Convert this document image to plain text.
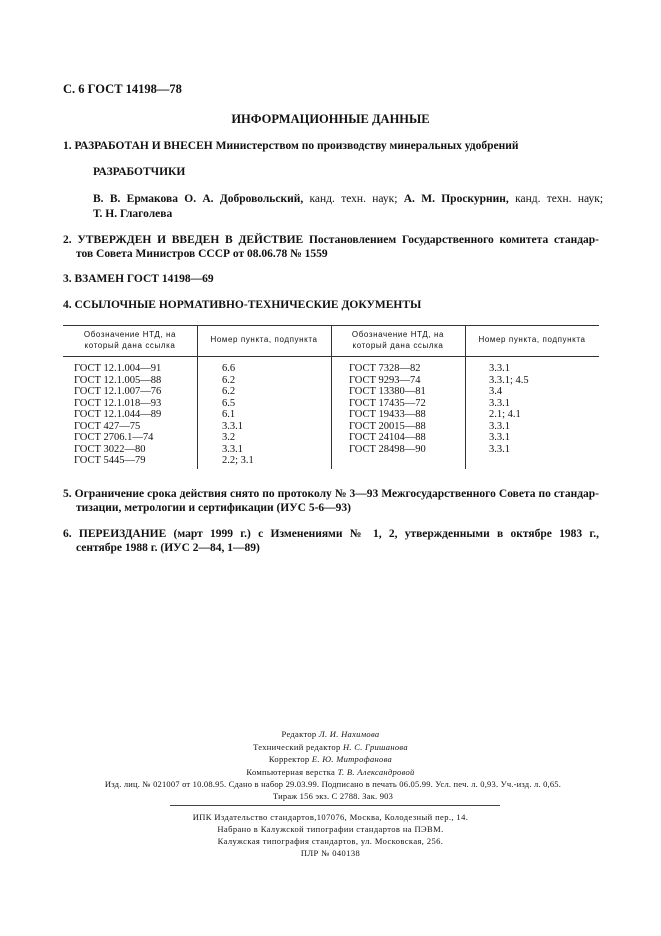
С. 6 ГОСТ 14198—78
ИНФОРМАЦИОННЫЕ ДАННЫЕ
1. РАЗРАБОТАН И ВНЕСЕН Министерством по производству минеральных удобрений
РАЗРАБОТЧИКИ
В. В. Ермакова О. А. Добровольский, канд. техн. наук; А. М. Проскурнин, канд. техн. наук;
Т. Н. Глаголева
2. УТВЕРЖДЕН И ВВЕДЕН В ДЕЙСТВИЕ Постановлением Государственного комитета стандар-
тов Совета Министров СССР от 08.06.78 № 1559
3. ВЗАМЕН ГОСТ 14198—69
4. ССЫЛОЧНЫЕ НОРМАТИВНО-ТЕХНИЧЕСКИЕ ДОКУМЕНТЫ
Обозначение НТД, на
который дана ссылка
Номер пункта, подпункта
Обозначение НТД, на
который дана ссылка
Номер пункта, подпункта
ГОСТ 12.1.004—91
ГОСТ 12.1.005—88
ГОСТ 12.1.007—76
ГОСТ 12.1.018—93
ГОСТ 12.1.044—89
ГОСТ 427—75
ГОСТ 2706.1—74
ГОСТ 3022—80
ГОСТ 5445—79
6.6
6.2
6.2
6.5
6.1
3.3.1
3.2
3.3.1
2.2; 3.1
ГОСТ 7328—82
ГОСТ 9293—74
ГОСТ 13380—81
ГОСТ 17435—72
ГОСТ 19433—88
ГОСТ 20015—88
ГОСТ 24104—88
ГОСТ 28498—90
3.3.1
3.3.1; 4.5
3.4
3.3.1
2.1; 4.1
3.3.1
3.3.1
3.3.1
5. Ограничение срока действия снято по протоколу № 3—93 Межгосударственного Совета по стандар-
тизации, метрологии и сертификации (ИУС 5-6—93)
6. ПЕРЕИЗДАНИЕ (март 1999 г.) с Изменениями № 1, 2, утвержденными в октябре 1983 г.,
сентябре 1988 г. (ИУС 2—84, 1—89)
Редактор Л. И. Нахимова
Технический редактор Н. С. Гришанова
Корректор Е. Ю. Митрофанова
Компьютерная верстка Т. В. Александровой
Изд. лиц. № 021007 от 10.08.95. Сдано в набор 29.03.99. Подписано в печать 06.05.99. Усл. печ. л. 0,93. Уч.-изд. л. 0,65.
Тираж 156 экз. С 2788. Зак. 903
ИПК Издательство стандартов,107076, Москва, Колодезный пер., 14.
Набрано в Калужской типографии стандартов на ПЭВМ.
Калужская типография стандартов, ул. Московская, 256.
ПЛР № 040138
